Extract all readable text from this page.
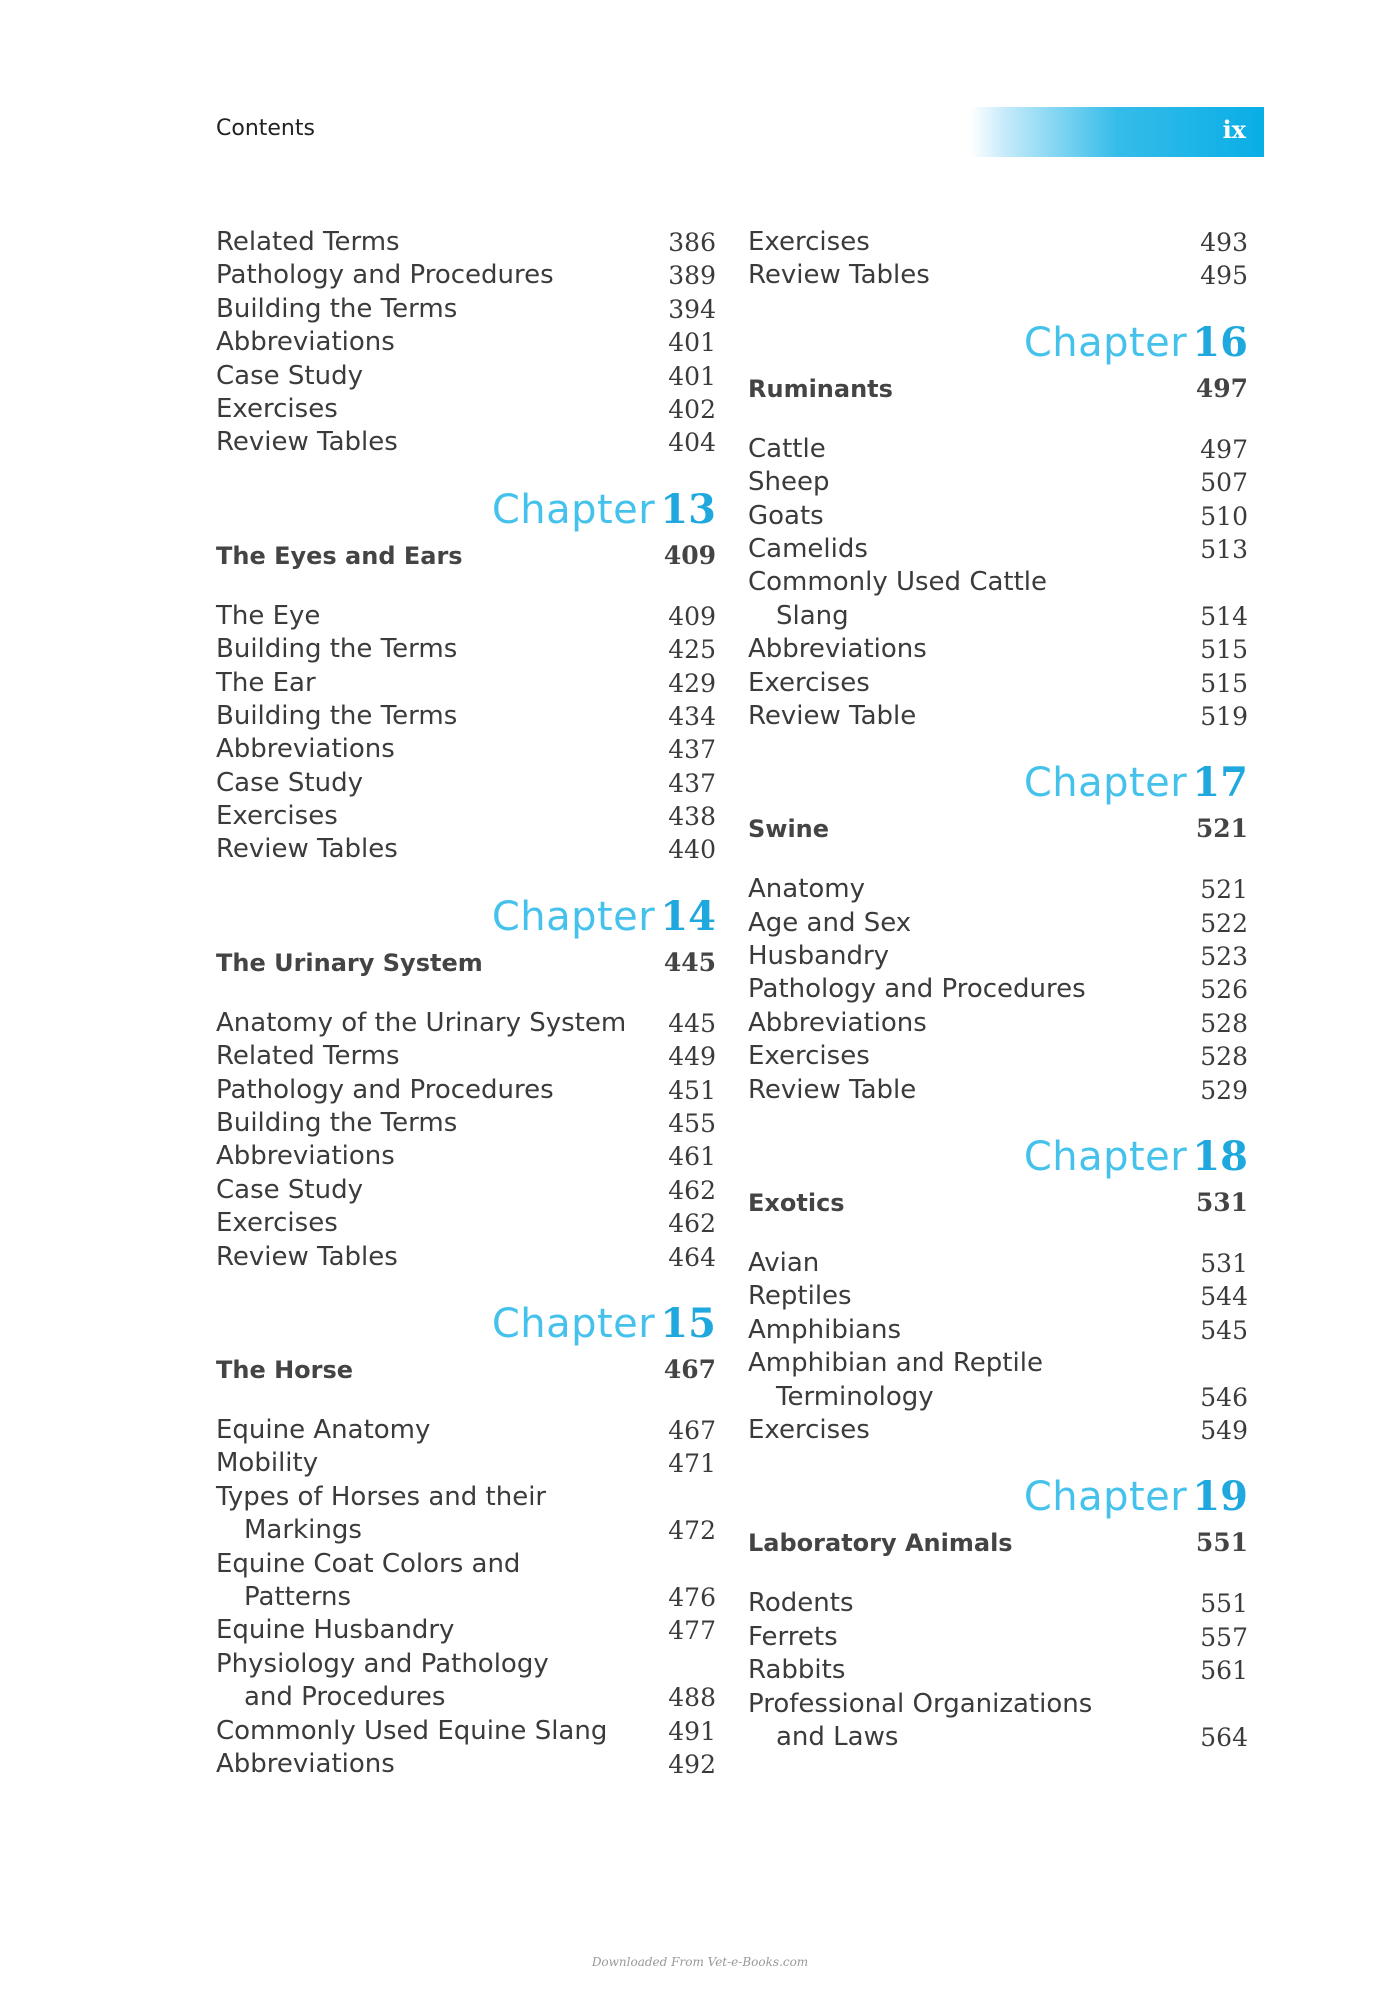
Contents	ix
Related Terms	386
Pathology and Procedures	389
Building the Terms	394
Abbreviations	401
Case Study	401
Exercises	402
Review Tables	404
Chapter 13
The Eyes and Ears	409
The Eye	409
Building the Terms	425
The Ear	429
Building the Terms	434
Abbreviations	437
Case Study	437
Exercises	438
Review Tables	440
Chapter 14
The Urinary System	445
Anatomy of the Urinary System 445
Related Terms	449
Pathology and Procedures	451
Building the Terms	455
Abbreviations	461
Case Study	462
Exercises	462
Review Tables	464
Chapter 15
The Horse	467
Equine Anatomy	467
Mobility	471
Types of Horses and their
Markings	472
Equine Coat Colors and
Patterns	476
Equine Husbandry	477
Physiology and Pathology
and Procedures	488
Commonly Used Equine Slang 491
Abbreviations	492
Exercises	493
Review Tables	495
Chapter 16
Ruminants	497
Cattle	497
Sheep	507
Goats	510
Camelids	513
Commonly Used Cattle
Slang	514
Abbreviations	515
Exercises	515
Review Table	519
Chapter 17
Swine	521
Anatomy	521
Age and Sex	522
Husbandry	523
Pathology and Procedures	526
Abbreviations	528
Exercises	528
Review Table	529
Chapter 18
Exotics	531
Avian	531
Reptiles	544
Amphibians	545
Amphibian and Reptile
Terminology	546
Exercises	549
Chapter 19
Laboratory Animals	551
Rodents	551
Ferrets	557
Rabbits	561
Professional Organizations
and Laws	564
Downloaded From Vet-e-Books.com
